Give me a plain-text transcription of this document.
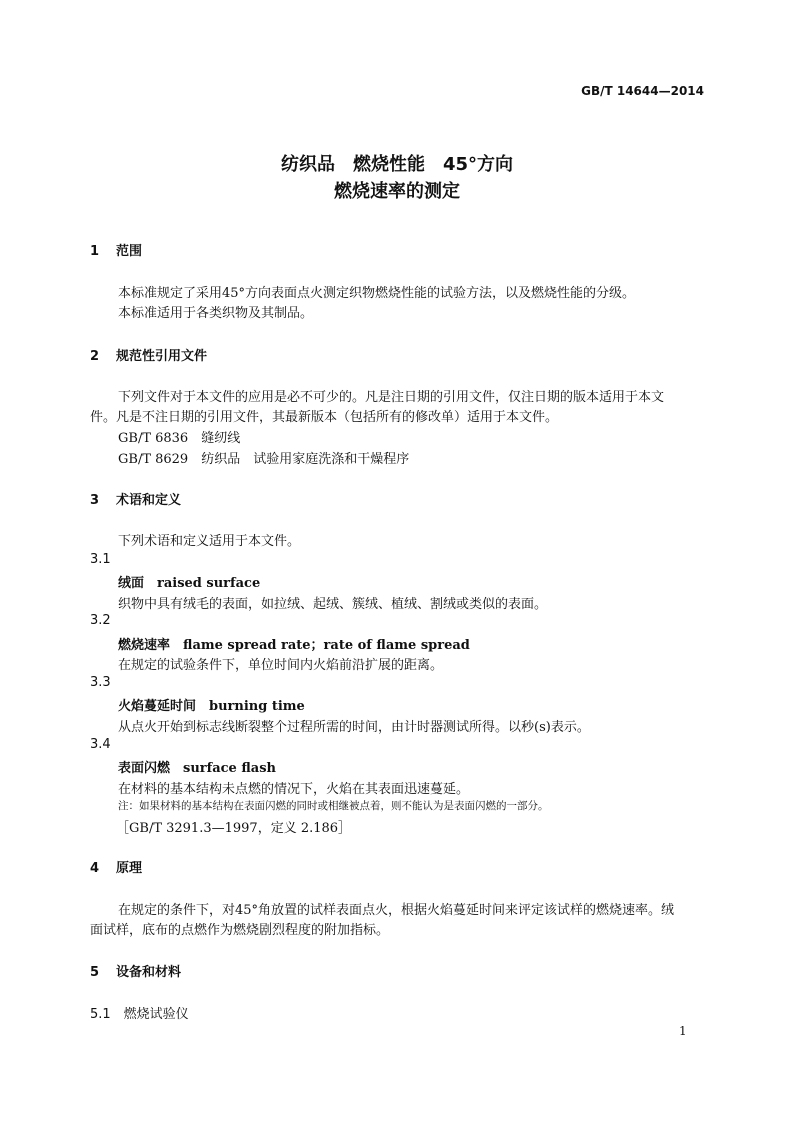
GB/T 14644—2014
纺织品　燃烧性能　45°方向
燃烧速率的测定
1 范围
本标准规定了采用45°方向表面点火测定织物燃烧性能的试验方法，以及燃烧性能的分级。
本标准适用于各类织物及其制品。
2 规范性引用文件
下列文件对于本文件的应用是必不可少的。凡是注日期的引用文件，仅注日期的版本适用于本文
件。凡是不注日期的引用文件，其最新版本（包括所有的修改单）适用于本文件。
GB/T 6836　缝纫线
GB/T 8629　纺织品　试验用家庭洗涤和干燥程序
3 术语和定义
下列术语和定义适用于本文件。
3.1
绒面　raised surface
织物中具有绒毛的表面，如拉绒、起绒、簇绒、植绒、割绒或类似的表面。
3.2
燃烧速率　flame spread rate；rate of flame spread
在规定的试验条件下，单位时间内火焰前沿扩展的距离。
3.3
火焰蔓延时间　burning time
从点火开始到标志线断裂整个过程所需的时间，由计时器测试所得。以秒(s)表示。
3.4
表面闪燃　surface flash
在材料的基本结构未点燃的情况下，火焰在其表面迅速蔓延。
注：如果材料的基本结构在表面闪燃的同时或相继被点着，则不能认为是表面闪燃的一部分。
［GB/T 3291.3—1997，定义 2.186］
4 原理
在规定的条件下，对45°角放置的试样表面点火，根据火焰蔓延时间来评定该试样的燃烧速率。绒
面试样，底布的点燃作为燃烧剧烈程度的附加指标。
5 设备和材料
5.1　燃烧试验仪
1
